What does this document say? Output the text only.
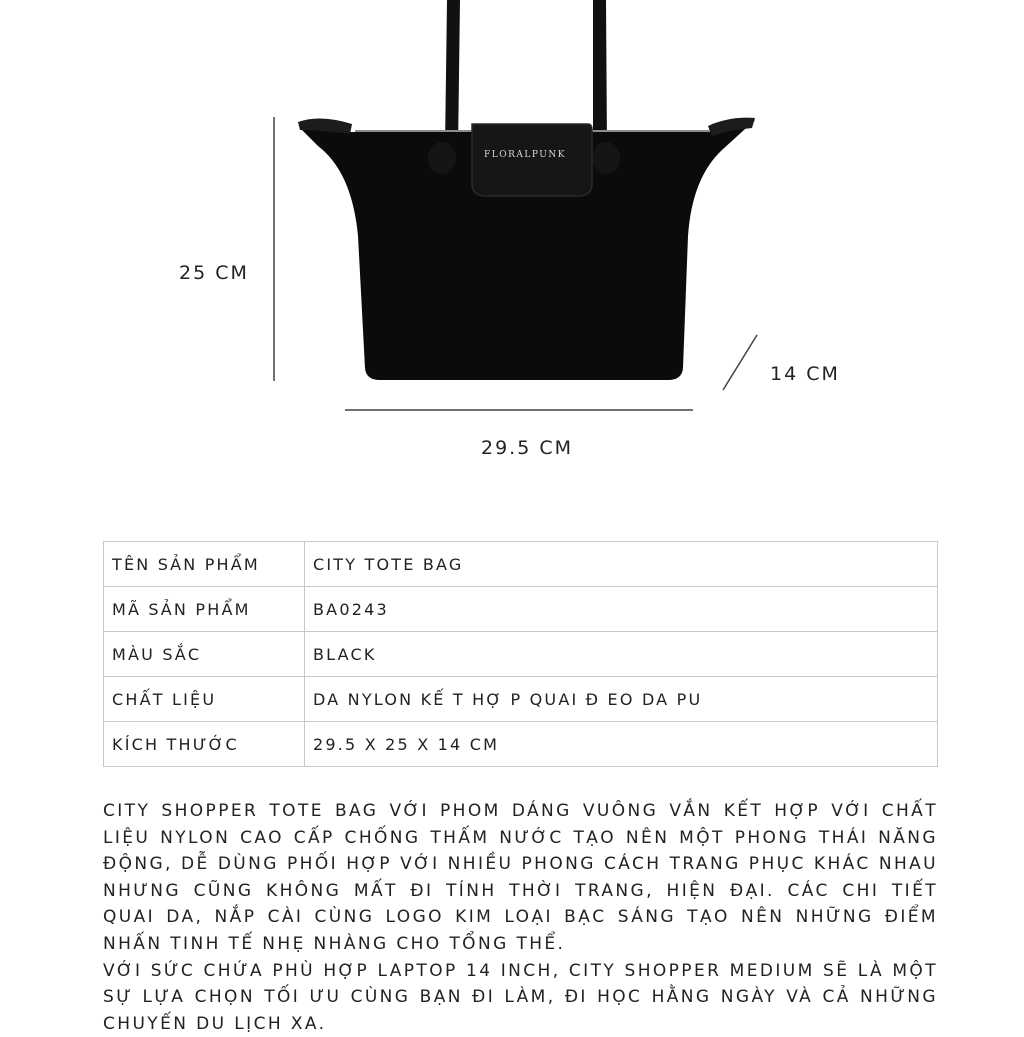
FLORALPUNK
25 CM
14 CM
29.5 CM
TÊN SẢN PHẨM	CITY TOTE BAG
MÃ SẢN PHẨM	BA0243
MÀU SẮC	BLACK
CHẤT LIỆU	DA NYLON KẾ T HỢ P QUAI Đ EO DA PU
KÍCH THƯỚC	29.5 X 25 X 14 CM

CITY SHOPPER TOTE BAG VỚI PHOM DÁNG VUÔNG VẮN KẾT HỢP VỚI CHẤT LIỆU NYLON CAO CẤP CHỐNG THẤM NƯỚC TẠO NÊN MỘT PHONG THÁI NĂNG ĐỘNG, DỄ DÙNG PHỐI HỢP VỚI NHIỀU PHONG CÁCH TRANG PHỤC KHÁC NHAU NHƯNG CŨNG KHÔNG MẤT ĐI TÍNH THỜI TRANG, HIỆN ĐẠI. CÁC CHI TIẾT QUAI DA, NẮP CÀI CÙNG LOGO KIM LOẠI BẠC SÁNG TẠO NÊN NHỮNG ĐIỂM NHẤN TINH TẾ NHẸ NHÀNG CHO TỔNG THỂ.

VỚI SỨC CHỨA PHÙ HỢP LAPTOP 14 INCH, CITY SHOPPER MEDIUM SẼ LÀ MỘT SỰ LỰA CHỌN TỐI ƯU CÙNG BẠN ĐI LÀM, ĐI HỌC HẰNG NGÀY VÀ CẢ NHỮNG CHUYẾN DU LỊCH XA.
